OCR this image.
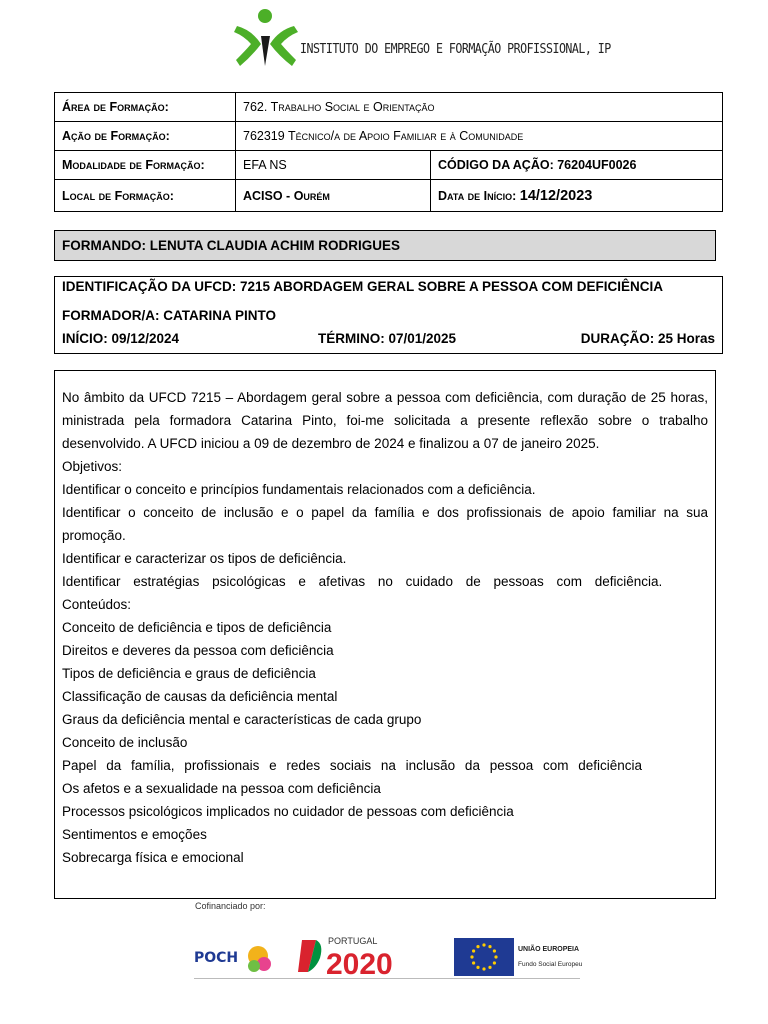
INSTITUTO DO EMPREGO E FORMAÇÃO PROFISSIONAL, IP
Área de Formação:	762. Trabalho Social e Orientação	
Ação de Formação:	762319 Técnico/a de Apoio Familiar e à Comunidade	
Modalidade de Formação:	EFA NS	CÓDIGO DA AÇÃO: 76204UF0026
Local de Formação:	ACISO - Ourém	Data de Início: 14/12/2023
FORMANDO: LENUTA CLAUDIA ACHIM RODRIGUES
IDENTIFICAÇÃO DA UFCD: 7215 ABORDAGEM GERAL SOBRE A PESSOA COM DEFICIÊNCIA
FORMADOR/A: CATARINA PINTO
INÍCIO: 09/12/2024	TÉRMINO: 07/01/2025	DURAÇÃO: 25 Horas

No âmbito da UFCD 7215 – Abordagem geral sobre a pessoa com deficiência, com duração de 25 horas, ministrada pela formadora Catarina Pinto, foi-me solicitada a presente reflexão sobre o trabalho desenvolvido. A UFCD iniciou a 09 de dezembro de 2024 e finalizou a 07 de janeiro 2025.

Objetivos:

Identificar o conceito e princípios fundamentais relacionados com a deficiência.

Identificar o conceito de inclusão e o papel da família e dos profissionais de apoio familiar na sua promoção.

Identificar e caracterizar os tipos de deficiência.

Identificar estratégias psicológicas e afetivas no cuidado de pessoas com deficiência.

Conteúdos:

Conceito de deficiência e tipos de deficiência

Direitos e deveres da pessoa com deficiência

Tipos de deficiência e graus de deficiência

Classificação de causas da deficiência mental

Graus da deficiência mental e características de cada grupo

Conceito de inclusão

Papel da família, profissionais e redes sociais na inclusão da pessoa com deficiência

Os afetos e a sexualidade na pessoa com deficiência

Processos psicológicos implicados no cuidador de pessoas com deficiência

Sentimentos e emoções

Sobrecarga física e emocional

Cofinanciado por:
POCH
PORTUGAL
2020	UNIÃO EUROPEIA
Fundo Social Europeu
